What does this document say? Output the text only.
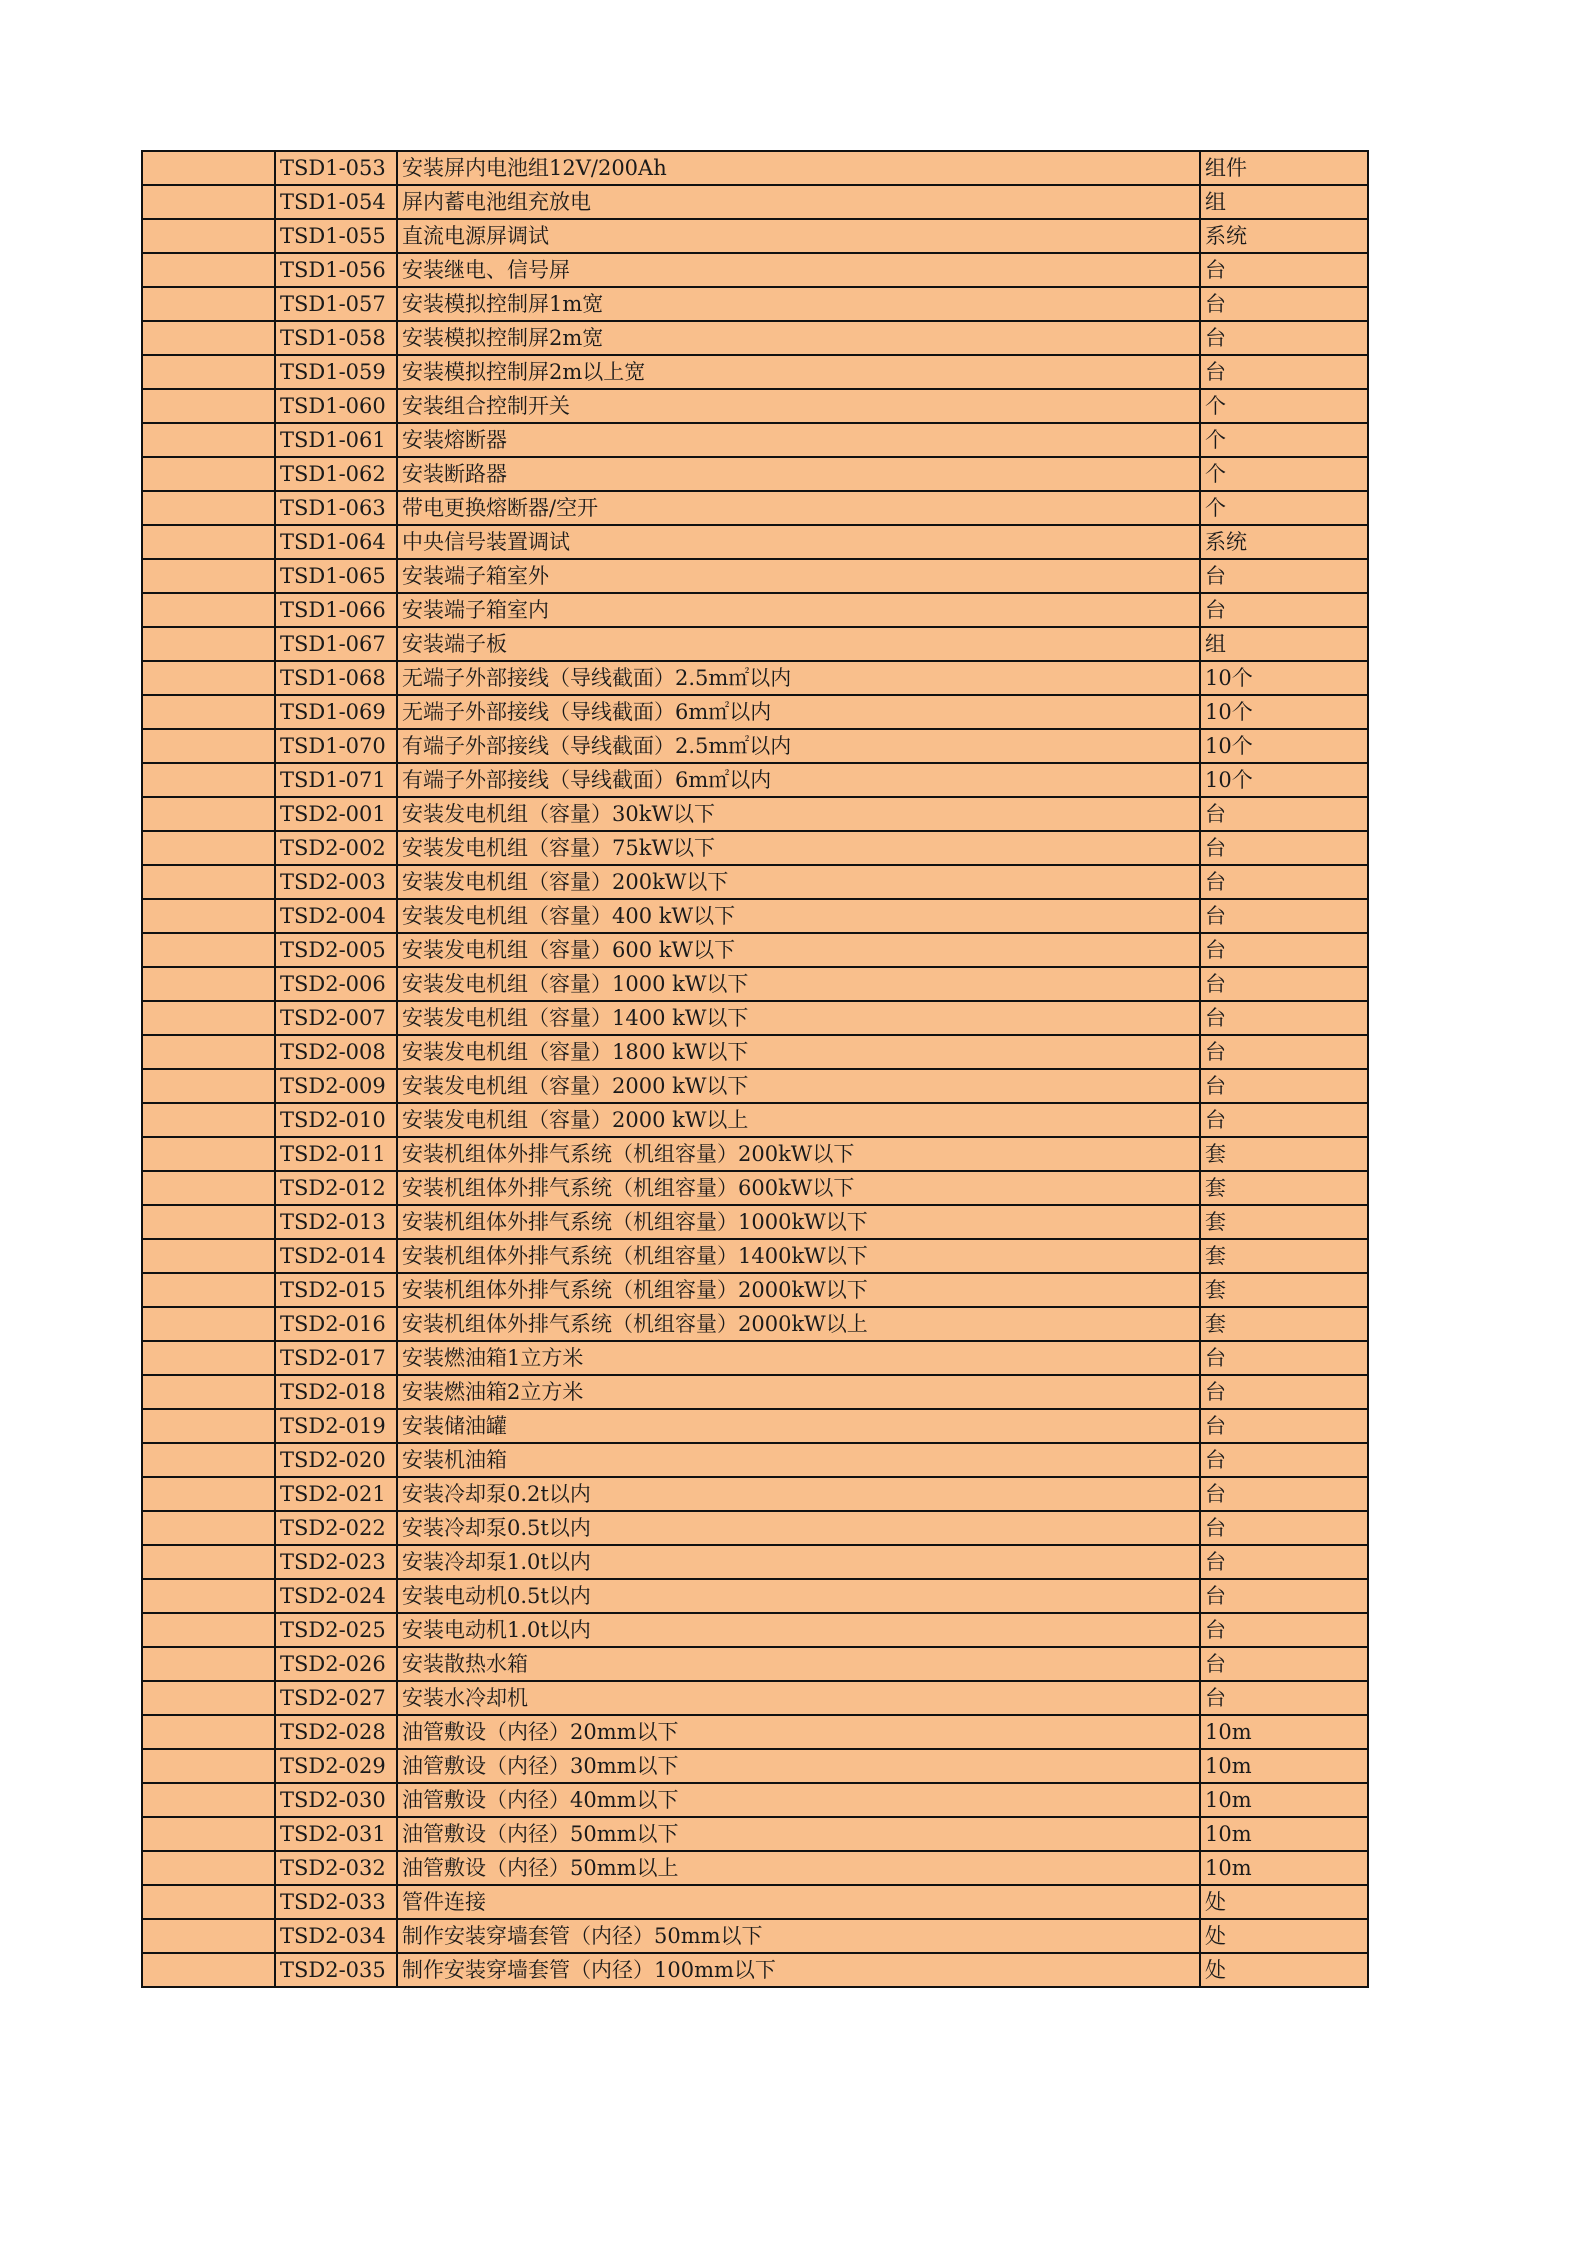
	TSD1-053	安装屏内电池组12V/200Ah	组件
	TSD1-054	屏内蓄电池组充放电	组
	TSD1-055	直流电源屏调试	系统
	TSD1-056	安装继电、信号屏	台
	TSD1-057	安装模拟控制屏1m宽	台
	TSD1-058	安装模拟控制屏2m宽	台
	TSD1-059	安装模拟控制屏2m以上宽	台
	TSD1-060	安装组合控制开关	个
	TSD1-061	安装熔断器	个
	TSD1-062	安装断路器	个
	TSD1-063	带电更换熔断器/空开	个
	TSD1-064	中央信号装置调试	系统
	TSD1-065	安装端子箱室外	台
	TSD1-066	安装端子箱室内	台
	TSD1-067	安装端子板	组
	TSD1-068	无端子外部接线（导线截面）2.5m㎡以内	10个
	TSD1-069	无端子外部接线（导线截面）6m㎡以内	10个
	TSD1-070	有端子外部接线（导线截面）2.5m㎡以内	10个
	TSD1-071	有端子外部接线（导线截面）6m㎡以内	10个
	TSD2-001	安装发电机组（容量）30kW以下	台
	TSD2-002	安装发电机组（容量）75kW以下	台
	TSD2-003	安装发电机组（容量）200kW以下	台
	TSD2-004	安装发电机组（容量）400 kW以下	台
	TSD2-005	安装发电机组（容量）600 kW以下	台
	TSD2-006	安装发电机组（容量）1000 kW以下	台
	TSD2-007	安装发电机组（容量）1400 kW以下	台
	TSD2-008	安装发电机组（容量）1800 kW以下	台
	TSD2-009	安装发电机组（容量）2000 kW以下	台
	TSD2-010	安装发电机组（容量）2000 kW以上	台
	TSD2-011	安装机组体外排气系统（机组容量）200kW以下	套
	TSD2-012	安装机组体外排气系统（机组容量）600kW以下	套
	TSD2-013	安装机组体外排气系统（机组容量）1000kW以下	套
	TSD2-014	安装机组体外排气系统（机组容量）1400kW以下	套
	TSD2-015	安装机组体外排气系统（机组容量）2000kW以下	套
	TSD2-016	安装机组体外排气系统（机组容量）2000kW以上	套
	TSD2-017	安装燃油箱1立方米	台
	TSD2-018	安装燃油箱2立方米	台
	TSD2-019	安装储油罐	台
	TSD2-020	安装机油箱	台
	TSD2-021	安装冷却泵0.2t以内	台
	TSD2-022	安装冷却泵0.5t以内	台
	TSD2-023	安装冷却泵1.0t以内	台
	TSD2-024	安装电动机0.5t以内	台
	TSD2-025	安装电动机1.0t以内	台
	TSD2-026	安装散热水箱	台
	TSD2-027	安装水冷却机	台
	TSD2-028	油管敷设（内径）20mm以下	10m
	TSD2-029	油管敷设（内径）30mm以下	10m
	TSD2-030	油管敷设（内径）40mm以下	10m
	TSD2-031	油管敷设（内径）50mm以下	10m
	TSD2-032	油管敷设（内径）50mm以上	10m
	TSD2-033	管件连接	处
	TSD2-034	制作安装穿墙套管（内径）50mm以下	处
	TSD2-035	制作安装穿墙套管（内径）100mm以下	处
